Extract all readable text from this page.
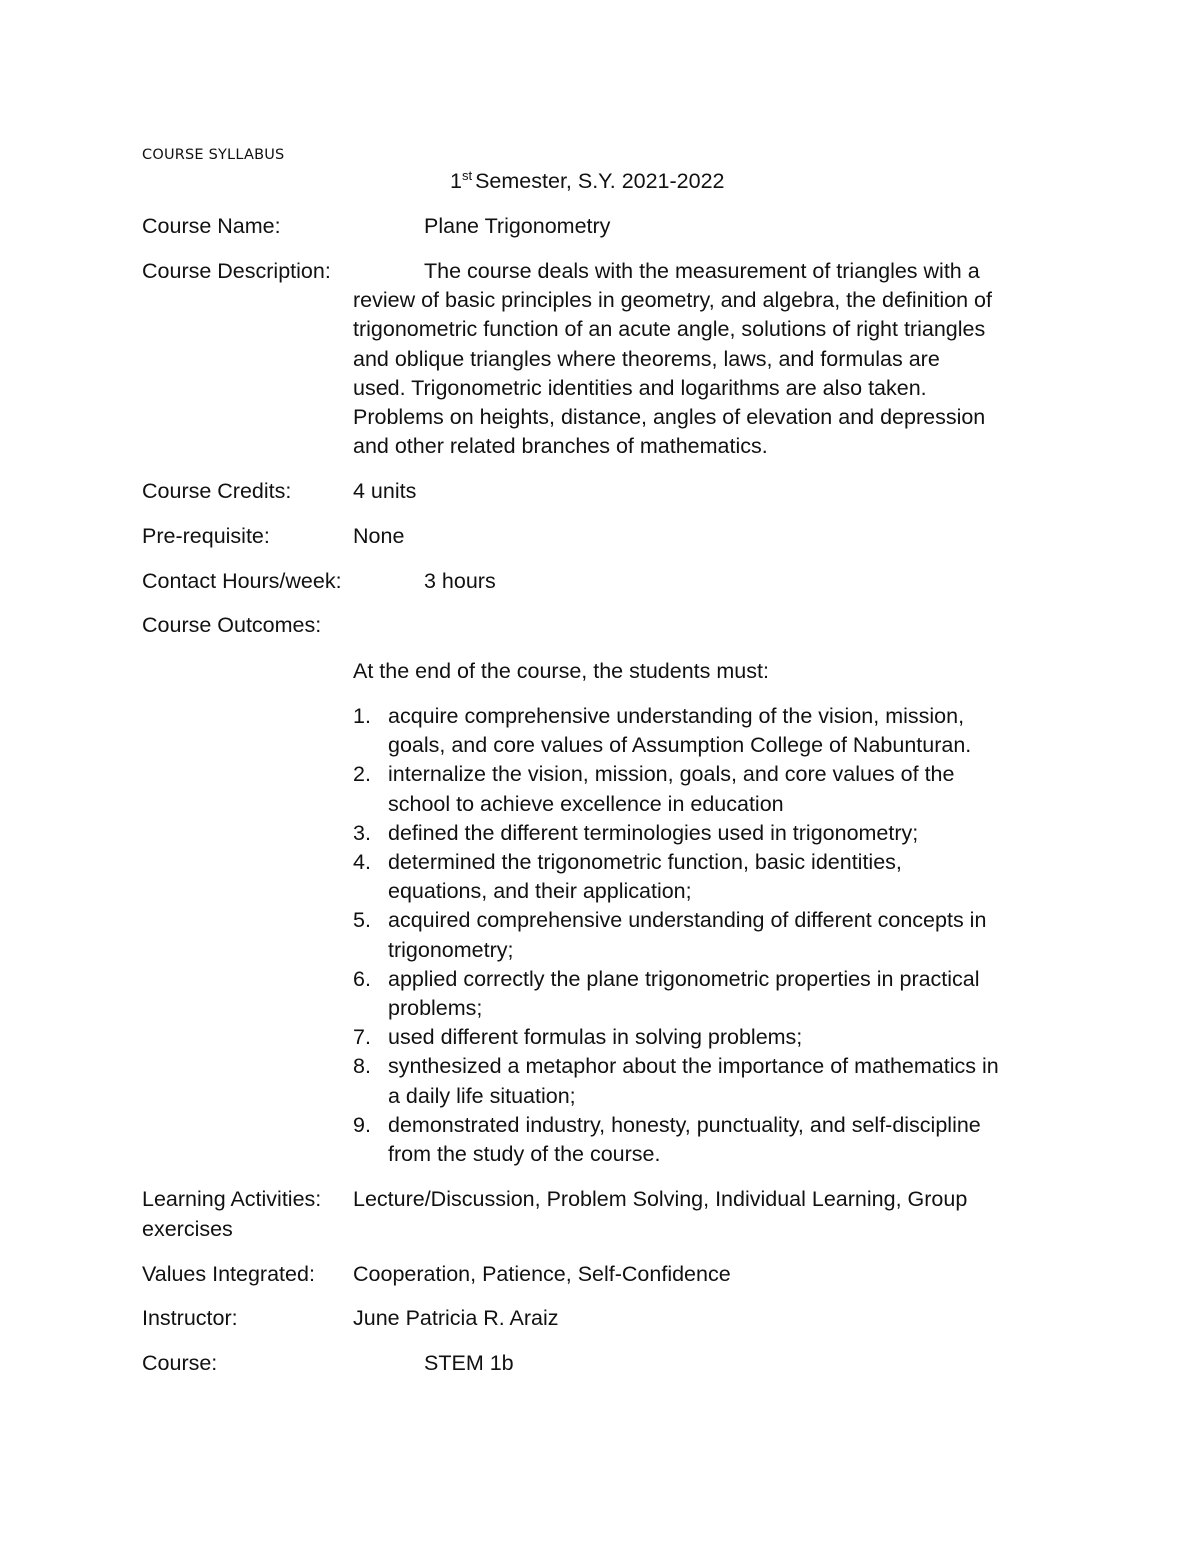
COURSE SYLLABUS
1st Semester, S.Y. 2021-2022
Course Name:	Plane Trigonometry
Course Description:	The course deals with the measurement of triangles with a
review of basic principles in geometry, and algebra, the definition of
trigonometric function of an acute angle, solutions of right triangles
and oblique triangles where theorems, laws, and formulas are
used. Trigonometric identities and logarithms are also taken.
Problems on heights, distance, angles of elevation and depression
and other related branches of mathematics.
Course Credits:	4 units
Pre-requisite:	None
Contact Hours/week:	3 hours
Course Outcomes:
At the end of the course, the students must:
1. acquire comprehensive understanding of the vision, mission,
goals, and core values of Assumption College of Nabunturan.
2. internalize the vision, mission, goals, and core values of the
school to achieve excellence in education
3. defined the different terminologies used in trigonometry;
4. determined the trigonometric function, basic identities,
equations, and their application;
5. acquired comprehensive understanding of different concepts in
trigonometry;
6. applied correctly the plane trigonometric properties in practical
problems;
7. used different formulas in solving problems;
8. synthesized a metaphor about the importance of mathematics in
a daily life situation;
9. demonstrated industry, honesty, punctuality, and self-discipline
from the study of the course.
Learning Activities: Lecture/Discussion, Problem Solving, Individual Learning, Group
exercises
Values Integrated: Cooperation, Patience, Self-Confidence
Instructor:	June Patricia R. Araiz
Course:	STEM 1b
